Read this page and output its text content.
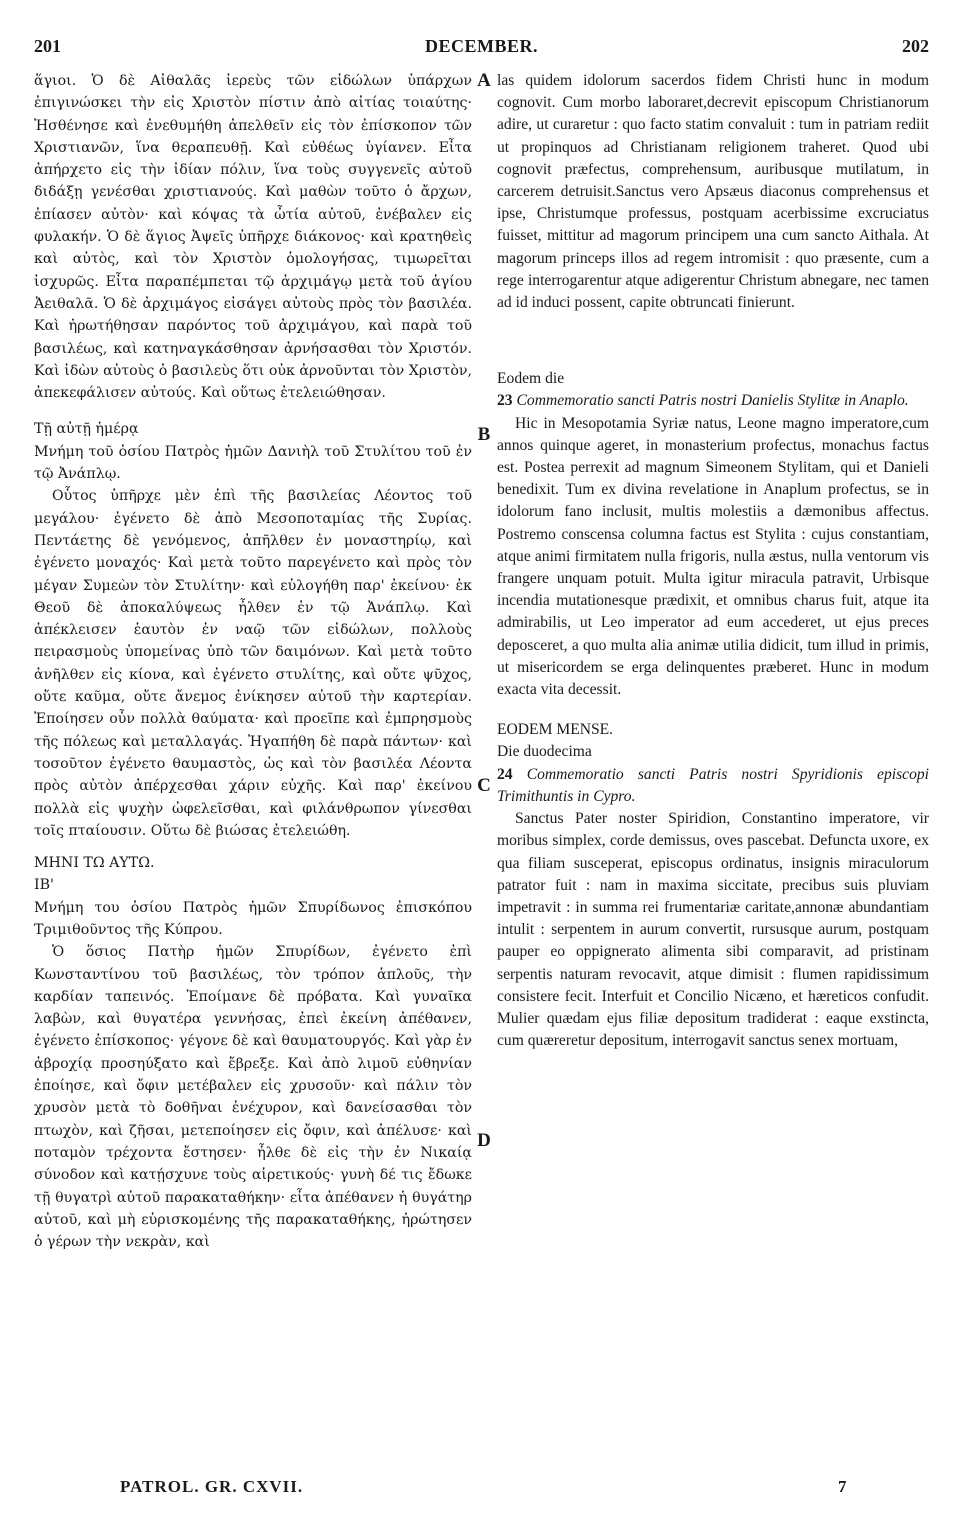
201	DECEMBER.	202
A
B
C
D

ἅγιοι. Ὁ δὲ Αἰθαλᾶς ἱερεὺς τῶν εἰδώλων ὑπάρχων ἐπιγινώσκει τὴν εἰς Χριστὸν πίστιν ἀπὸ αἰτίας τοιαύτης· Ἠσθένησε καὶ ἐνεθυμήθη ἀπελθεῖν εἰς τὸν ἐπίσκοπον τῶν Χριστιανῶν, ἵνα θεραπευθῇ. Καὶ εὐθέως ὑγίανεν. Εἶτα ἀπήρχετο εἰς τὴν ἰδίαν πόλιν, ἵνα τοὺς συγγενεῖς αὐτοῦ διδάξῃ γενέσθαι χριστιανούς. Καὶ μαθὼν τοῦτο ὁ ἄρχων, ἐπίασεν αὐτὸν· καὶ κόψας τὰ ὦτία αὐτοῦ, ἐνέβαλεν εἰς φυλακήν. Ὁ δὲ ἅγιος Ἀψεῖς ὑπῆρχε διάκονος· καὶ κρατηθεὶς καὶ αὐτὸς, καὶ τὸν Χριστὸν ὁμολογήσας, τιμωρεῖται ἰσχυρῶς. Εἶτα παραπέμπεται τῷ ἀρχιμάγῳ μετὰ τοῦ ἁγίου Ἀειθαλᾶ. Ὁ δὲ ἀρχιμάγος εἰσάγει αὐτοὺς πρὸς τὸν βασιλέα. Καὶ ἠρωτήθησαν παρόντος τοῦ ἀρχιμάγου, καὶ παρὰ τοῦ βασιλέως, καὶ κατηναγκάσθησαν ἀρνήσασθαι τὸν Χριστόν. Καὶ ἰδὼν αὐτοὺς ὁ βασιλεὺς ὅτι οὐκ ἀρνοῦνται τὸν Χριστὸν, ἀπεκεφάλισεν αὐτούς. Καὶ οὕτως ἐτελειώθησαν.

Τῇ αὐτῇ ἡμέρᾳ

Μνήμη τοῦ ὁσίου Πατρὸς ἡμῶν Δανιὴλ τοῦ Στυλίτου τοῦ ἐν τῷ Ἀνάπλῳ.

Οὗτος ὑπῆρχε μὲν ἐπὶ τῆς βασιλείας Λέοντος τοῦ μεγάλου· ἐγένετο δὲ ἀπὸ Μεσοποταμίας τῆς Συρίας. Πεντάετης δὲ γενόμενος, ἀπῆλθεν ἐν μοναστηρίῳ, καὶ ἐγένετο μοναχός· Καὶ μετὰ τοῦτο παρεγένετο καὶ πρὸς τὸν μέγαν Συμεὼν τὸν Στυλίτην· καὶ εὐλογήθη παρ' ἐκείνου· ἐκ Θεοῦ δὲ ἀποκαλύψεως ἦλθεν ἐν τῷ Ἀνάπλῳ. Καὶ ἀπέκλεισεν ἑαυτὸν ἐν ναῷ τῶν εἰδώλων, πολλοὺς πειρασμοὺς ὑπομείνας ὑπὸ τῶν δαιμόνων. Καὶ μετὰ τοῦτο ἀνῆλθεν εἰς κίονα, καὶ ἐγένετο στυλίτης, καὶ οὔτε ψῦχος, οὔτε καῦμα, οὔτε ἄνεμος ἐνίκησεν αὐτοῦ τὴν καρτερίαν. Ἐποίησεν οὖν πολλὰ θαύματα· καὶ προεῖπε καὶ ἐμπρησμοὺς τῆς πόλεως καὶ μεταλλαγάς. Ἠγαπήθη δὲ παρὰ πάντων· καὶ τοσοῦτον ἐγένετο θαυμαστὸς, ὡς καὶ τὸν βασιλέα Λέοντα πρὸς αὐτὸν ἀπέρχεσθαι χάριν εὐχῆς. Καὶ παρ' ἐκείνου πολλὰ εἰς ψυχὴν ὠφελεῖσθαι, καὶ φιλάνθρωπον γίνεσθαι τοῖς πταίουσιν. Οὕτω δὲ βιώσας ἐτελειώθη.

ΜΗΝΙ ΤΩ ΑΥΤΩ.

ΙΒ'

Μνήμη του ὁσίου Πατρὸς ἡμῶν Σπυρίδωνος ἐπισκόπου Τριμιθοῦντος τῆς Κύπρου.

Ὁ ὅσιος Πατὴρ ἡμῶν Σπυρίδων, ἐγένετο ἐπὶ Κωνσταντίνου τοῦ βασιλέως, τὸν τρόπον ἁπλοῦς, τὴν καρδίαν ταπεινός. Ἐποίμανε δὲ πρόβατα. Καὶ γυναῖκα λαβὼν, καὶ θυγατέρα γεννήσας, ἐπεὶ ἐκείνη ἀπέθανεν, ἐγένετο ἐπίσκοπος· γέγονε δὲ καὶ θαυματουργός. Καὶ γὰρ ἐν ἀβροχίᾳ προσηύξατο καὶ ἔβρεξε. Καὶ ἀπὸ λιμοῦ εὐθηνίαν ἐποίησε, καὶ ὄφιν μετέβαλεν εἰς χρυσοῦν· καὶ πάλιν τὸν χρυσὸν μετὰ τὸ δοθῆναι ἐνέχυρον, καὶ δανείσασθαι τὸν πτωχὸν, καὶ ζῆσαι, μετεποίησεν εἰς ὄφιν, καὶ ἀπέλυσε· καὶ ποταμὸν τρέχοντα ἔστησεν· ἦλθε δὲ εἰς τὴν ἐν Νικαίᾳ σύνοδον καὶ κατῄσχυνε τοὺς αἱρετικούς· γυνὴ δέ τις ἔδωκε τῇ θυγατρὶ αὐτοῦ παρακαταθήκην· εἶτα ἀπέθανεν ἡ θυγάτηρ αὐτοῦ, καὶ μὴ εὑρισκομένης τῆς παρακαταθήκης, ἠρώτησεν ὁ γέρων τὴν νεκρὰν, καὶ

las quidem idolorum sacerdos fidem Christi hunc in modum cognovit. Cum morbo laboraret,decrevit episcopum Christianorum adire, ut curaretur : quo facto statim convaluit : tum in patriam rediit ut propinquos ad Christianam religionem traheret. Quod ubi cognovit præfectus, comprehensum, auribusque mutilatum, in carcerem detruisit.Sanctus vero Apsæus diaconus comprehensus et ipse, Christumque professus, postquam acerbissime excruciatus fuisset, mittitur ad magorum principem una cum sancto Aithala. At magorum princeps illos ad regem intromisit : quo præsente, cum a rege interrogarentur atque adigerentur Christum abnegare, nec tamen ad id induci possent, capite obtruncati finierunt.

Eodem die

23 Commemoratio sancti Patris nostri Danielis Stylitæ in Anaplo.

Hic in Mesopotamia Syriæ natus, Leone magno imperatore,cum annos quinque ageret, in monasterium profectus, monachus factus est. Postea perrexit ad magnum Simeonem Stylitam, qui et Danieli benedixit. Tum ex divina revelatione in Anaplum profectus, se in idolorum fano inclusit, multis molestiis a dæmonibus affectus. Postremo conscensa columna factus est Stylita : cujus constantiam, atque animi firmitatem nulla frigoris, nulla æstus, nulla ventorum vis frangere unquam potuit. Multa igitur miracula patravit, Urbisque incendia mutationesque prædixit, et omnibus charus fuit, atque ita admirabilis, ut Leo imperator ad eum accederet, ut ejus preces deposceret, a quo multa alia animæ utilia didicit, tum illud in primis, ut misericordem se erga delinquentes præberet. Hunc in modum exacta vita decessit.

EODEM MENSE.

Die duodecima

24 Commemoratio sancti Patris nostri Spyridionis episcopi Trimithuntis in Cypro.

Sanctus Pater noster Spiridion, Constantino imperatore, vir moribus simplex, corde demissus, oves pascebat. Defuncta uxore, ex qua filiam susceperat, episcopus ordinatus, insignis miraculorum patrator fuit : nam in maxima siccitate, precibus suis pluviam impetravit : in summa rei frumentariæ caritate,annonæ abundantiam intulit : serpentem in aurum convertit, rursusque aurum, postquam pauper eo oppignerato alimenta sibi comparavit, ad pristinam serpentis naturam revocavit, atque dimisit : flumen rapidissimum consistere fecit. Interfuit et Concilio Nicæno, et hæreticos confudit. Mulier quædam ejus filiæ depositum tradiderat : eaque exstincta, cum quæreretur depositum, interrogavit sanctus senex mortuam,

PATROL. GR. CXVII.	7
